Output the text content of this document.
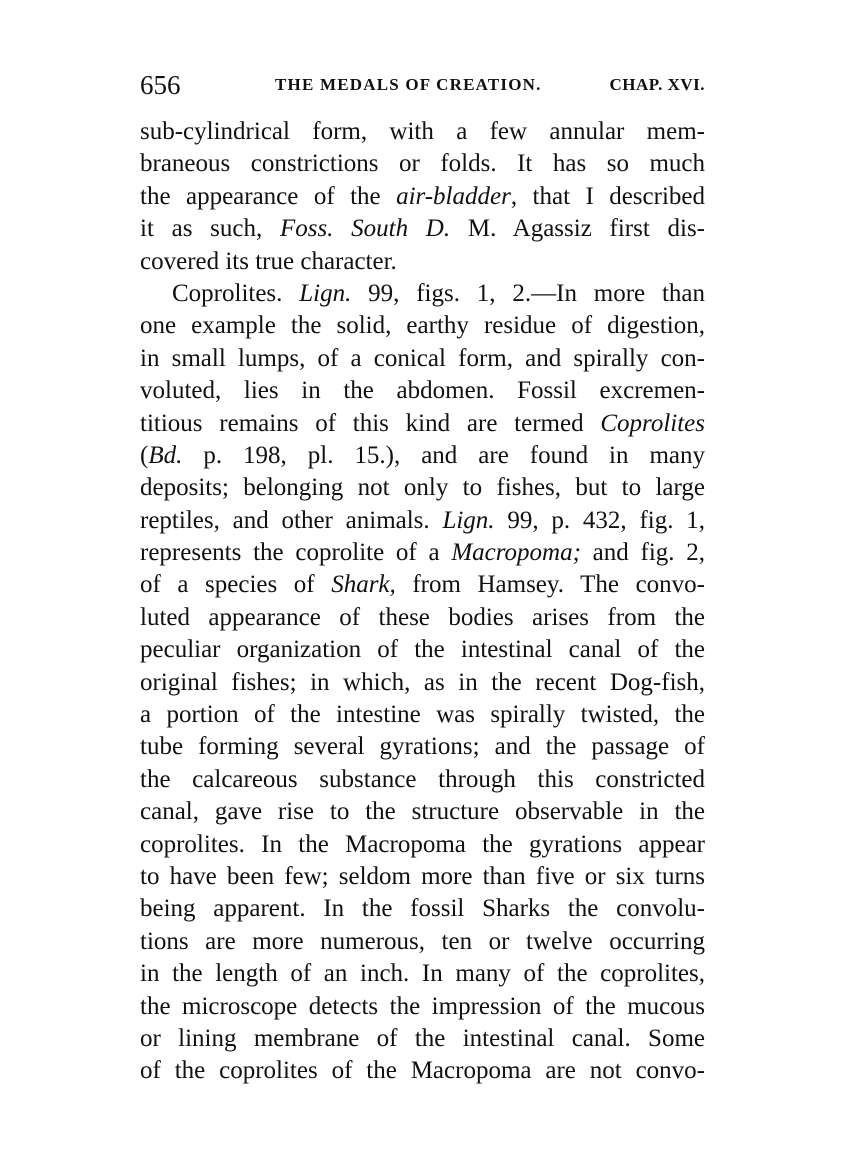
656	THE MEDALS OF CREATION.	CHAP. XVI.
sub-cylindrical form, with a few annular mem-
braneous constrictions or folds. It has so much
the appearance of the air-bladder, that I described
it as such, Foss. South D. M. Agassiz first dis-
covered its true character.
Coprolites. Lign. 99, figs. 1, 2.—In more than
one example the solid, earthy residue of digestion,
in small lumps, of a conical form, and spirally con-
voluted, lies in the abdomen. Fossil excremen-
titious remains of this kind are termed Coprolites
(Bd. p. 198, pl. 15.), and are found in many
deposits; belonging not only to fishes, but to large
reptiles, and other animals. Lign. 99, p. 432, fig. 1,
represents the coprolite of a Macropoma; and fig. 2,
of a species of Shark, from Hamsey. The convo-
luted appearance of these bodies arises from the
peculiar organization of the intestinal canal of the
original fishes; in which, as in the recent Dog-fish,
a portion of the intestine was spirally twisted, the
tube forming several gyrations; and the passage of
the calcareous substance through this constricted
canal, gave rise to the structure observable in the
coprolites. In the Macropoma the gyrations appear
to have been few; seldom more than five or six turns
being apparent. In the fossil Sharks the convolu-
tions are more numerous, ten or twelve occurring
in the length of an inch. In many of the coprolites,
the microscope detects the impression of the mucous
or lining membrane of the intestinal canal. Some
of the coprolites of the Macropoma are not convo-
